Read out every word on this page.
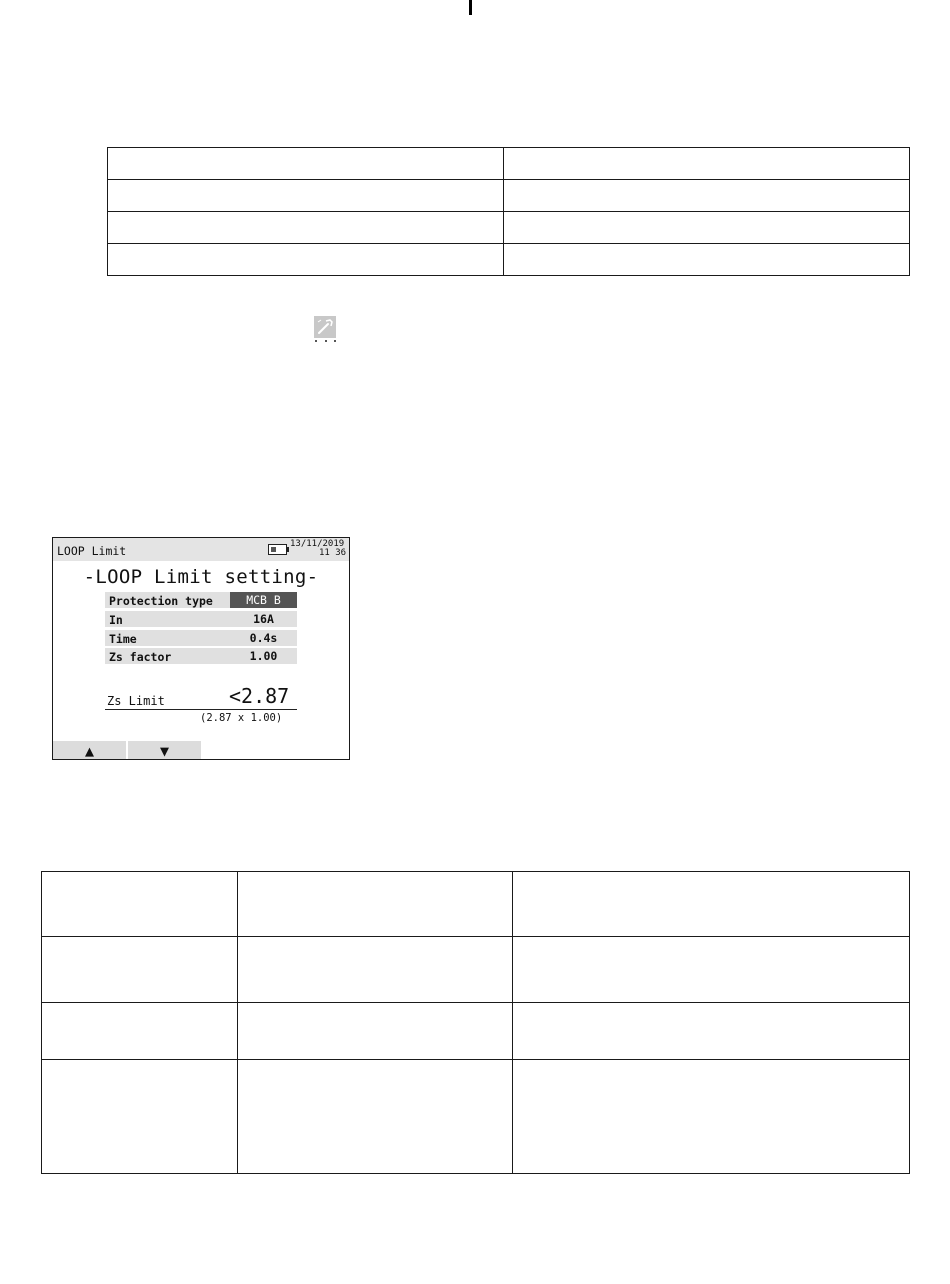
LOOP Limit	13/11/2019
11 36
-LOOP Limit setting-
Protection type	MCB B
In	16A
Time	0.4s
Zs factor	1.00
Zs Limit	<2.87
(2.87 x 1.00)
▲	▼
